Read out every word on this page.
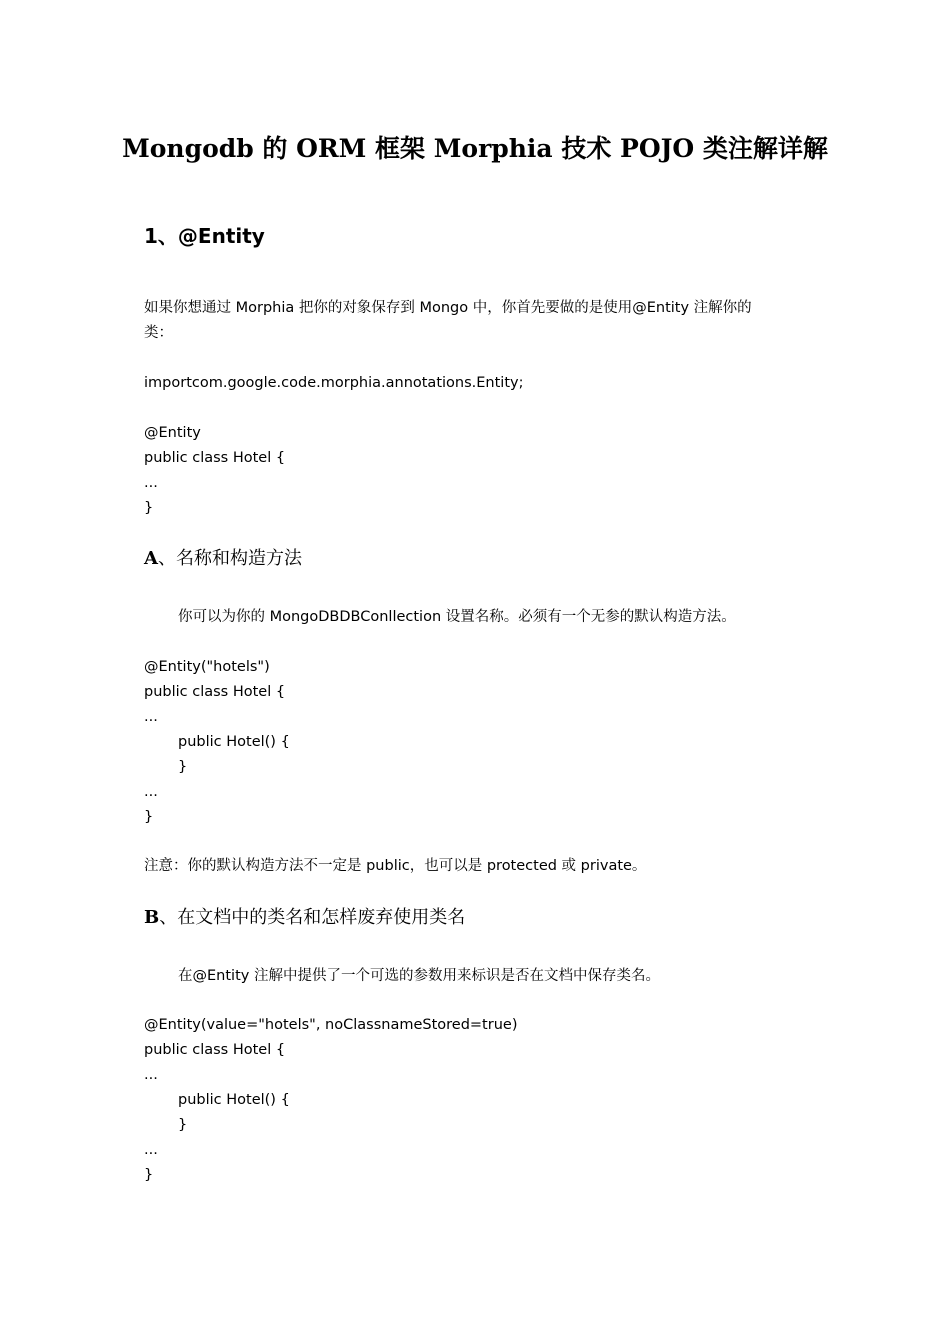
Mongodb 的 ORM 框架 Morphia 技术 POJO 类注解详解
1、@Entity
如果你想通过 Morphia 把你的对象保存到 Mongo 中，你首先要做的是使用@Entity 注解你的
类：
importcom.google.code.morphia.annotations.Entity;
@Entity
public class Hotel {
...
}
A、名称和构造方法
你可以为你的 MongoDBDBConllection 设置名称。必须有一个无参的默认构造方法。
@Entity("hotels")
public class Hotel {
...
public Hotel() {
}
...
}
注意：你的默认构造方法不一定是 public，也可以是 protected 或 private。
B、在文档中的类名和怎样废弃使用类名
在@Entity 注解中提供了一个可选的参数用来标识是否在文档中保存类名。
@Entity(value="hotels", noClassnameStored=true)
public class Hotel {
...
public Hotel() {
}
...
}
